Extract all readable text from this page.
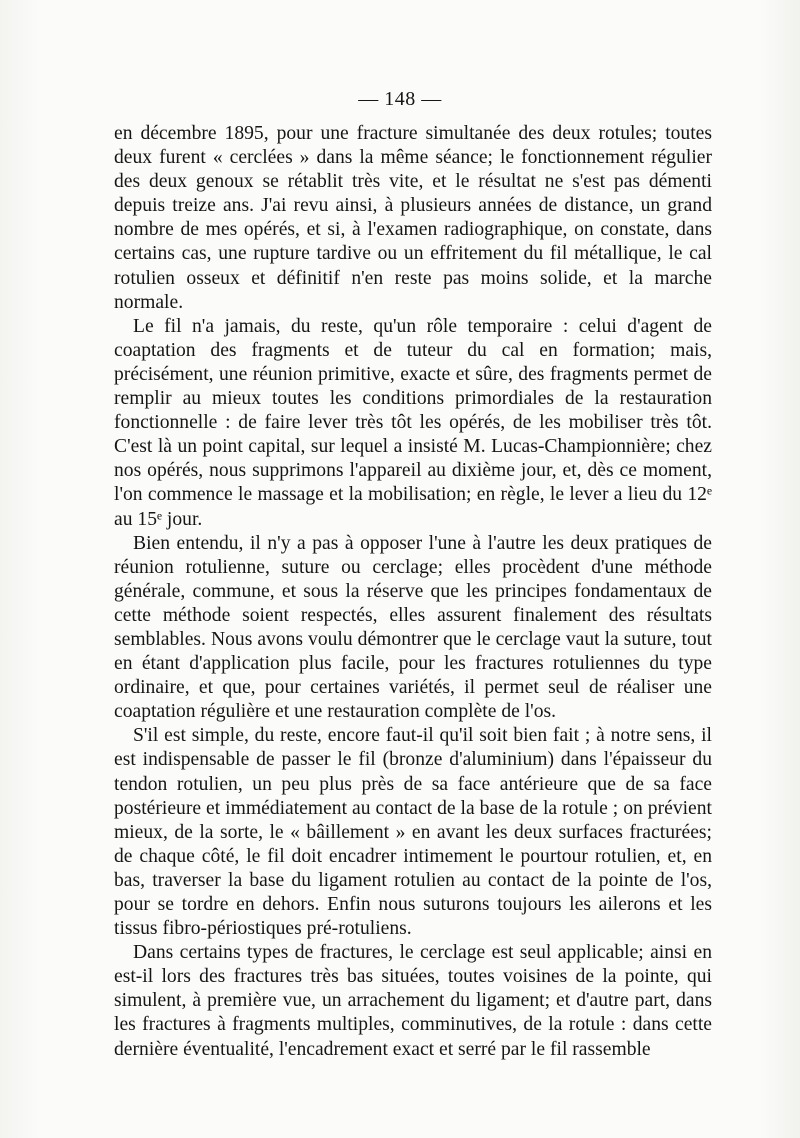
— 148 —

en décembre 1895, pour une fracture simultanée des deux rotules; toutes deux furent « cerclées » dans la même séance; le fonctionnement régulier des deux genoux se rétablit très vite, et le résultat ne s'est pas démenti depuis treize ans. J'ai revu ainsi, à plusieurs années de distance, un grand nombre de mes opérés, et si, à l'examen radiographique, on constate, dans certains cas, une rupture tardive ou un effritement du fil métallique, le cal rotulien osseux et définitif n'en reste pas moins solide, et la marche normale.

Le fil n'a jamais, du reste, qu'un rôle temporaire : celui d'agent de coaptation des fragments et de tuteur du cal en formation; mais, précisément, une réunion primitive, exacte et sûre, des fragments permet de remplir au mieux toutes les conditions primordiales de la restauration fonctionnelle : de faire lever très tôt les opérés, de les mobiliser très tôt. C'est là un point capital, sur lequel a insisté M. Lucas-Championnière; chez nos opérés, nous supprimons l'appareil au dixième jour, et, dès ce moment, l'on commence le massage et la mobilisation; en règle, le lever a lieu du 12ᵉ au 15ᵉ jour.

Bien entendu, il n'y a pas à opposer l'une à l'autre les deux pratiques de réunion rotulienne, suture ou cerclage; elles procèdent d'une méthode générale, commune, et sous la réserve que les principes fondamentaux de cette méthode soient respectés, elles assurent finalement des résultats semblables. Nous avons voulu démontrer que le cerclage vaut la suture, tout en étant d'application plus facile, pour les fractures rotuliennes du type ordinaire, et que, pour certaines variétés, il permet seul de réaliser une coaptation régulière et une restauration complète de l'os.

S'il est simple, du reste, encore faut-il qu'il soit bien fait ; à notre sens, il est indispensable de passer le fil (bronze d'aluminium) dans l'épaisseur du tendon rotulien, un peu plus près de sa face antérieure que de sa face postérieure et immédiatement au contact de la base de la rotule ; on prévient mieux, de la sorte, le « bâillement » en avant les deux surfaces fracturées; de chaque côté, le fil doit encadrer intimement le pourtour rotulien, et, en bas, traverser la base du ligament rotulien au contact de la pointe de l'os, pour se tordre en dehors. Enfin nous suturons toujours les ailerons et les tissus fibro-périostiques pré-rotuliens.

Dans certains types de fractures, le cerclage est seul applicable; ainsi en est-il lors des fractures très bas situées, toutes voisines de la pointe, qui simulent, à première vue, un arrachement du ligament; et d'autre part, dans les fractures à fragments multiples, comminutives, de la rotule : dans cette dernière éventualité, l'encadrement exact et serré par le fil rassemble
